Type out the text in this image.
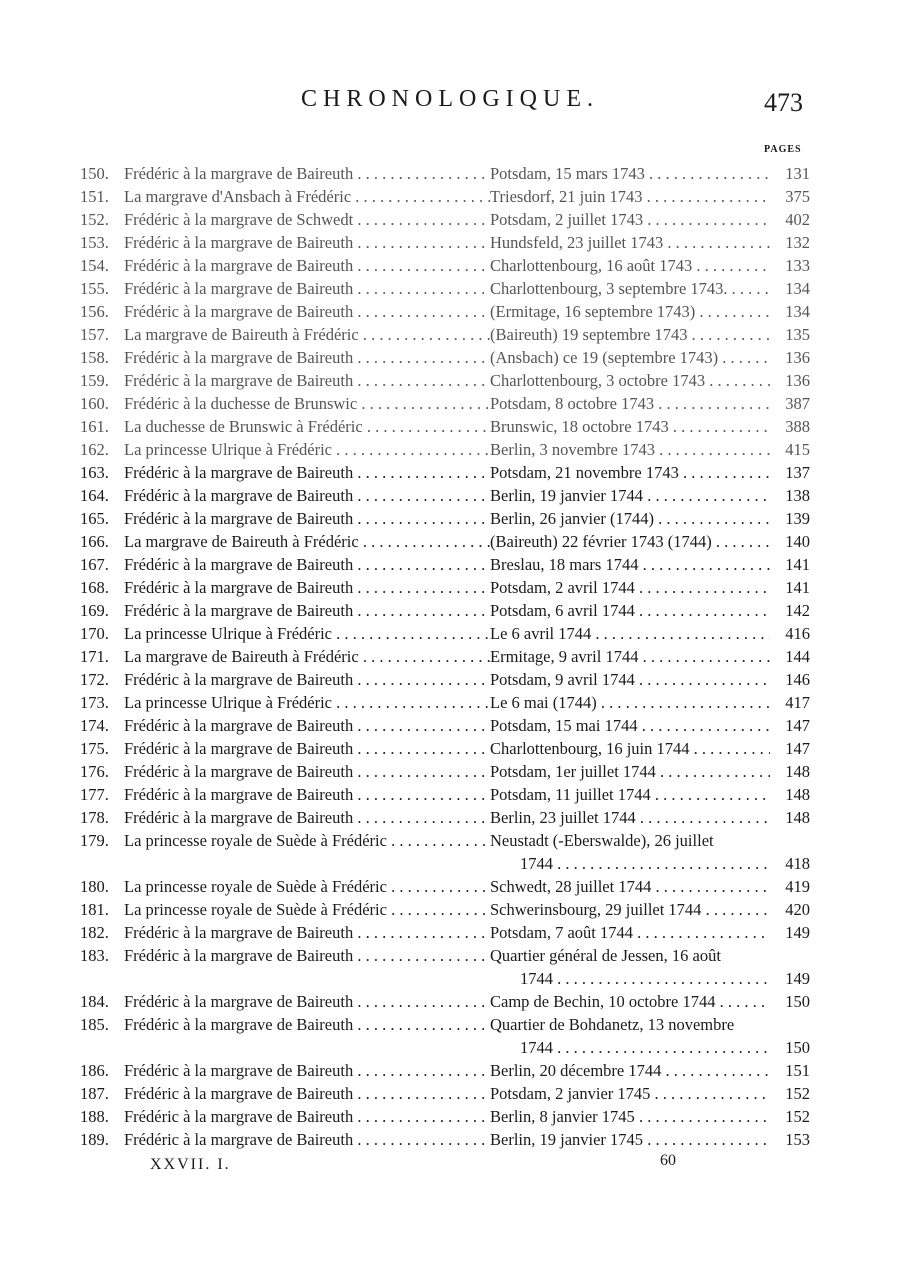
CHRONOLOGIQUE.	473
PAGES
150. Frédéric à la margrave de Baireuth . . .	Potsdam, 15 mars 1743 . . .	131
151. La margrave d'Ansbach à Frédéric . . .	Triesdorf, 21 juin 1743 . . .	375
152. Frédéric à la margrave de Schwedt . . .	Potsdam, 2 juillet 1743 . . .	402
153. Frédéric à la margrave de Baireuth . . .	Hundsfeld, 23 juillet 1743 . . .	132
154. Frédéric à la margrave de Baireuth . . .	Charlottenbourg, 16 août 1743 . . .	133
155. Frédéric à la margrave de Baireuth . . .	Charlottenbourg, 3 septembre 1743. . . .	134
156. Frédéric à la margrave de Baireuth . . .	(Ermitage, 16 septembre 1743) . . .	134
157. La margrave de Baireuth à Frédéric . . .	(Baireuth) 19 septembre 1743 . . .	135
158. Frédéric à la margrave de Baireuth . . .	(Ansbach) ce 19 (septembre 1743) . . .	136
159. Frédéric à la margrave de Baireuth . . .	Charlottenbourg, 3 octobre 1743 . . .	136
160. Frédéric à la duchesse de Brunswic . . .	Potsdam, 8 octobre 1743 . . .	387
161. La duchesse de Brunswic à Frédéric . . .	Brunswic, 18 octobre 1743 . . .	388
162. La princesse Ulrique à Frédéric . . .	Berlin, 3 novembre 1743 . . .	415
163. Frédéric à la margrave de Baireuth . . .	Potsdam, 21 novembre 1743 . . .	137
164. Frédéric à la margrave de Baireuth . . .	Berlin, 19 janvier 1744 . . .	138
165. Frédéric à la margrave de Baireuth . . .	Berlin, 26 janvier (1744) . . .	139
166. La margrave de Baireuth à Frédéric . . .	(Baireuth) 22 février 1743 (1744) . . .	140
167. Frédéric à la margrave de Baireuth . . .	Breslau, 18 mars 1744 . . .	141
168. Frédéric à la margrave de Baireuth . . .	Potsdam, 2 avril 1744 . . .	141
169. Frédéric à la margrave de Baireuth . . .	Potsdam, 6 avril 1744 . . .	142
170. La princesse Ulrique à Frédéric . . .	Le 6 avril 1744 . . .	416
171. La margrave de Baireuth à Frédéric . . .	Ermitage, 9 avril 1744 . . .	144
172. Frédéric à la margrave de Baireuth . . .	Potsdam, 9 avril 1744 . . .	146
173. La princesse Ulrique à Frédéric . . .	Le 6 mai (1744) . . .	417
174. Frédéric à la margrave de Baireuth . . .	Potsdam, 15 mai 1744 . . .	147
175. Frédéric à la margrave de Baireuth . . .	Charlottenbourg, 16 juin 1744 . . .	147
176. Frédéric à la margrave de Baireuth . . .	Potsdam, 1er juillet 1744 . . .	148
177. Frédéric à la margrave de Baireuth . . .	Potsdam, 11 juillet 1744 . . .	148
178. Frédéric à la margrave de Baireuth . . .	Berlin, 23 juillet 1744 . . .	148
179. La princesse royale de Suède à Frédéric . . .	Neustadt (-Eberswalde), 26 juillet
1744 . . .	418
180. La princesse royale de Suède à Frédéric . . .	Schwedt, 28 juillet 1744 . . .	419
181. La princesse royale de Suède à Frédéric . . .	Schwerinsbourg, 29 juillet 1744 . . .	420
182. Frédéric à la margrave de Baireuth . . .	Potsdam, 7 août 1744 . . .	149
183. Frédéric à la margrave de Baireuth . . .	Quartier général de Jessen, 16 août
1744 . . .	149
184. Frédéric à la margrave de Baireuth . . .	Camp de Bechin, 10 octobre 1744 . . .	150
185. Frédéric à la margrave de Baireuth . . .	Quartier de Bohdanetz, 13 novembre
1744 . . .	150
186. Frédéric à la margrave de Baireuth . . .	Berlin, 20 décembre 1744 . . .	151
187. Frédéric à la margrave de Baireuth . . .	Potsdam, 2 janvier 1745 . . .	152
188. Frédéric à la margrave de Baireuth . . .	Berlin, 8 janvier 1745 . . .	152
189. Frédéric à la margrave de Baireuth . . .	Berlin, 19 janvier 1745 . . .	153
XXVII. I.	60
